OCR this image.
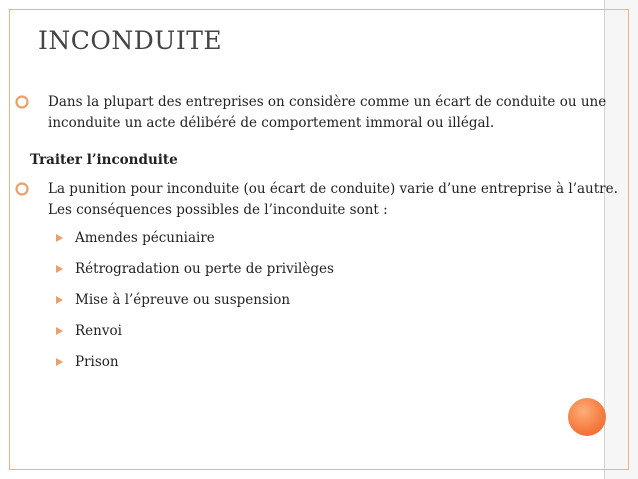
INCONDUITE

Dans la plupart des entreprises on considère comme un écart de conduite ou une inconduite un acte délibéré de comportement immoral ou illégal.

Traiter l’inconduite

La punition pour inconduite (ou écart de conduite) varie d’une entreprise à l’autre. Les conséquences possibles de l’inconduite sont :

Amendes pécuniaire
Rétrogradation ou perte de privilèges
Mise à l’épreuve ou suspension
Renvoi
Prison
